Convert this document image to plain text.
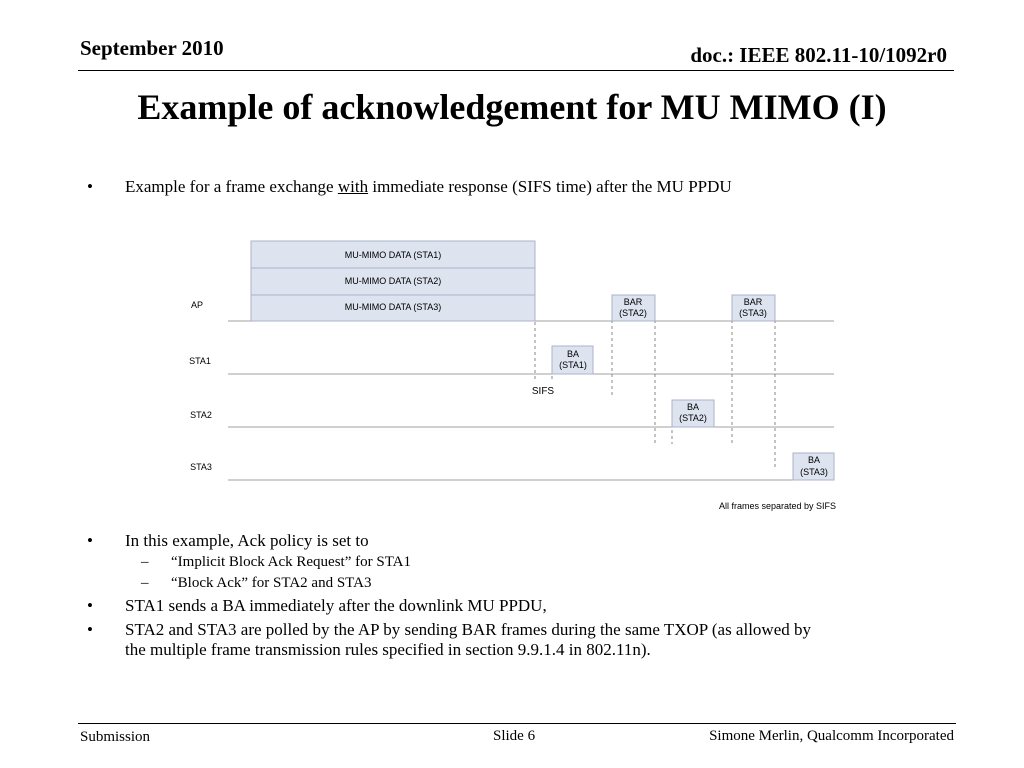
September 2010	doc.: IEEE 802.11-10/1092r0
Example of acknowledgement for MU MIMO (I)
• Example for a frame exchange with immediate response (SIFS time) after the MU PPDU
AP
STA1
STA2
STA3
MU-MIMO DATA (STA1)
MU-MIMO DATA (STA2)
MU-MIMO DATA (STA3)	BAR
(STA2)
BAR
(STA3)
BA
(STA1)
BA
(STA2)
BA
(STA3)
SIFS
All frames separated by SIFS
• In this example, Ack policy is set to
– “Implicit Block Ack Request” for STA1
– “Block Ack” for STA2 and STA3
• STA1 sends a BA immediately after the downlink MU PPDU,
• STA2 and STA3 are polled by the AP by sending BAR frames during the same TXOP (as allowed by
the multiple frame transmission rules specified in section 9.9.1.4 in 802.11n).
Submission	Slide 6	Simone Merlin, Qualcomm Incorporated
